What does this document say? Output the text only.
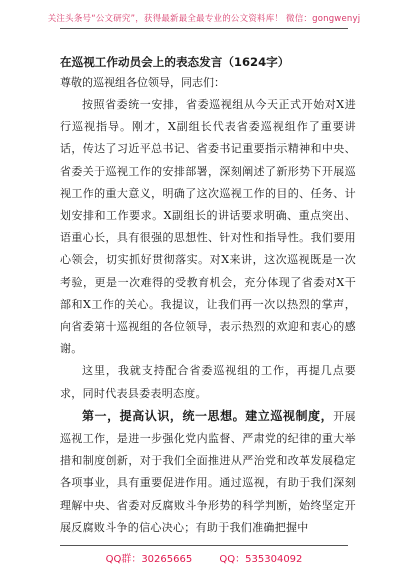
关注头条号“公文研究”，获得最新最全最专业的公文资料库！ 微信：gongwenyj

在巡视工作动员会上的表态发言（1624字）

尊敬的巡视组各位领导，同志们：

按照省委统一安排，省委巡视组从今天正式开始对X进行巡视指导。刚才，X副组长代表省委巡视组作了重要讲话，传达了习近平总书记、省委书记重要指示精神和中央、省委关于巡视工作的安排部署，深刻阐述了新形势下开展巡视工作的重大意义，明确了这次巡视工作的目的、任务、计划安排和工作要求。X副组长的讲话要求明确、重点突出、语重心长，具有很强的思想性、针对性和指导性。我们要用心领会，切实抓好贯彻落实。对X来讲，这次巡视既是一次考验，更是一次难得的受教育机会，充分体现了省委对X干部和X工作的关心。我提议，让我们再一次以热烈的掌声，向省委第十巡视组的各位领导，表示热烈的欢迎和衷心的感谢。

这里，我就支持配合省委巡视组的工作，再提几点要求，同时代表县委表明态度。

第一，提高认识，统一思想。建立巡视制度，开展巡视工作，是进一步强化党内监督、严肃党的纪律的重大举措和制度创新，对于我们全面推进从严治党和改革发展稳定各项事业，具有重要促进作用。通过巡视，有助于我们深刻理解中央、省委对反腐败斗争形势的科学判断，始终坚定开展反腐败斗争的信心决心；有助于我们准确把握中

QQ群：30265665	QQ：535304092
